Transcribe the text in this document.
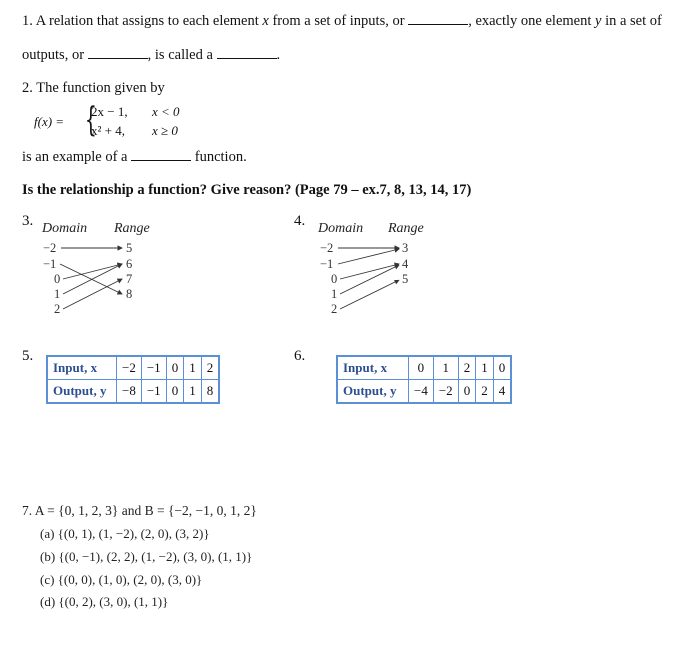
1. A relation that assigns to each element x from a set of inputs, or	, exactly one element y in a set of
outputs, or	, is called a	.
2. The function given by
f(x) = {
2x − 1, x < 0
x² + 4, x ≥ 0
is an example of a	function.
Is the relationship a function? Give reason? (Page 79 – ex.7, 8, 13, 14, 17)
3. Domain Range
−2
−1
0
1
2
5
6
7
8
4. Domain Range
−2
−1
0
1
2
3
4
5
5.
Input, x	−2	−1	0	1	2
Output, y	−8	−1	0	1	8
6.
Input, x	0	1	2	1	0
Output, y	−4	−2	0	2	4
7. A = {0, 1, 2, 3} and B = {−2, −1, 0, 1, 2}
(a) {(0, 1), (1, −2), (2, 0), (3, 2)}
(b) {(0, −1), (2, 2), (1, −2), (3, 0), (1, 1)}
(c) {(0, 0), (1, 0), (2, 0), (3, 0)}
(d) {(0, 2), (3, 0), (1, 1)}
